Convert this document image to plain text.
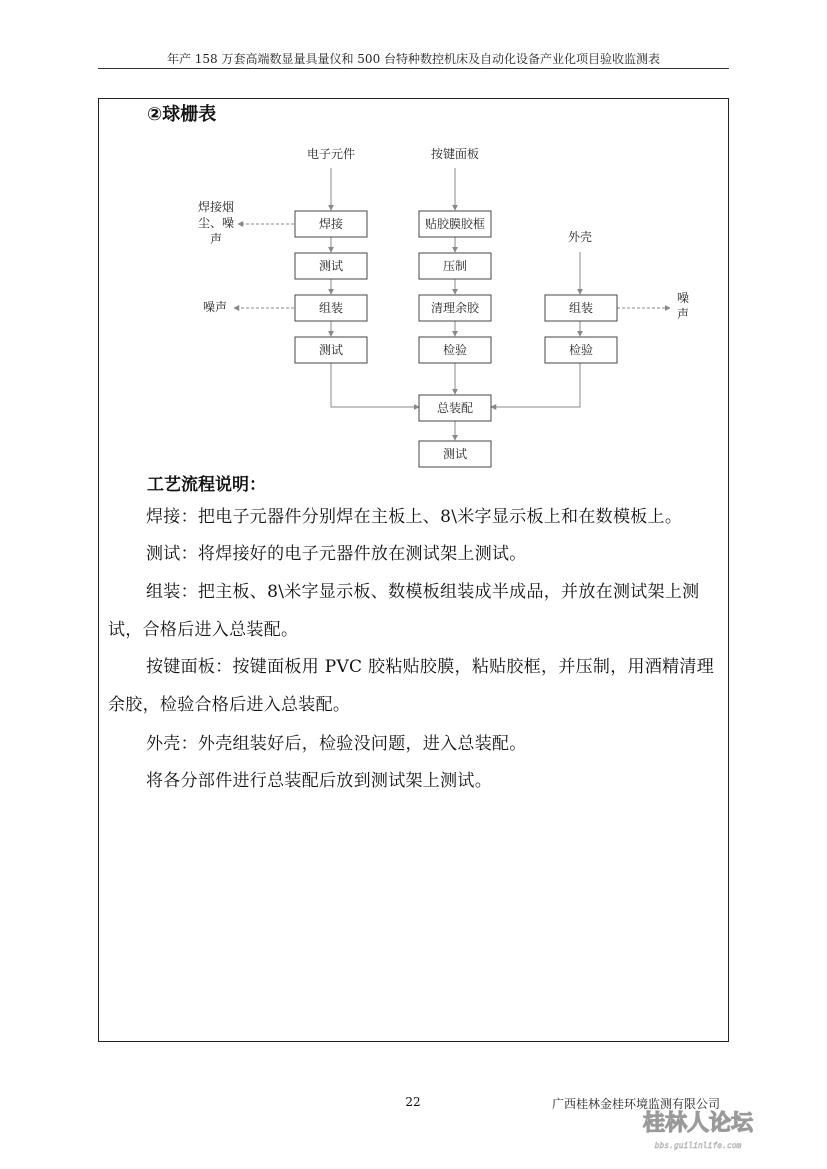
年产 158 万套高端数显量具量仪和 500 台特种数控机床及自动化设备产业化项目验收监测表
②球栅表
电子元件	按键面板
外壳
焊接烟
尘、噪
声
噪声
噪
声
焊接
测试
组装
测试
贴胶膜胶框
压制
清理余胶
检验
组装
检验
总装配
测试
工艺流程说明：
焊接：把电子元器件分别焊在主板上、8\米字显示板上和在数模板上。
测试：将焊接好的电子元器件放在测试架上测试。
组装：把主板、8\米字显示板、数模板组装成半成品，并放在测试架上测试，合格后进入总装配。
按键面板：按键面板用 PVC 胶粘贴胶膜，粘贴胶框，并压制，用酒精清理余胶，检验合格后进入总装配。
外壳：外壳组装好后，检验没问题，进入总装配。
将各分部件进行总装配后放到测试架上测试。
22	广西桂林金桂环境监测有限公司
桂林人论坛
bbs.guilinlife.com
